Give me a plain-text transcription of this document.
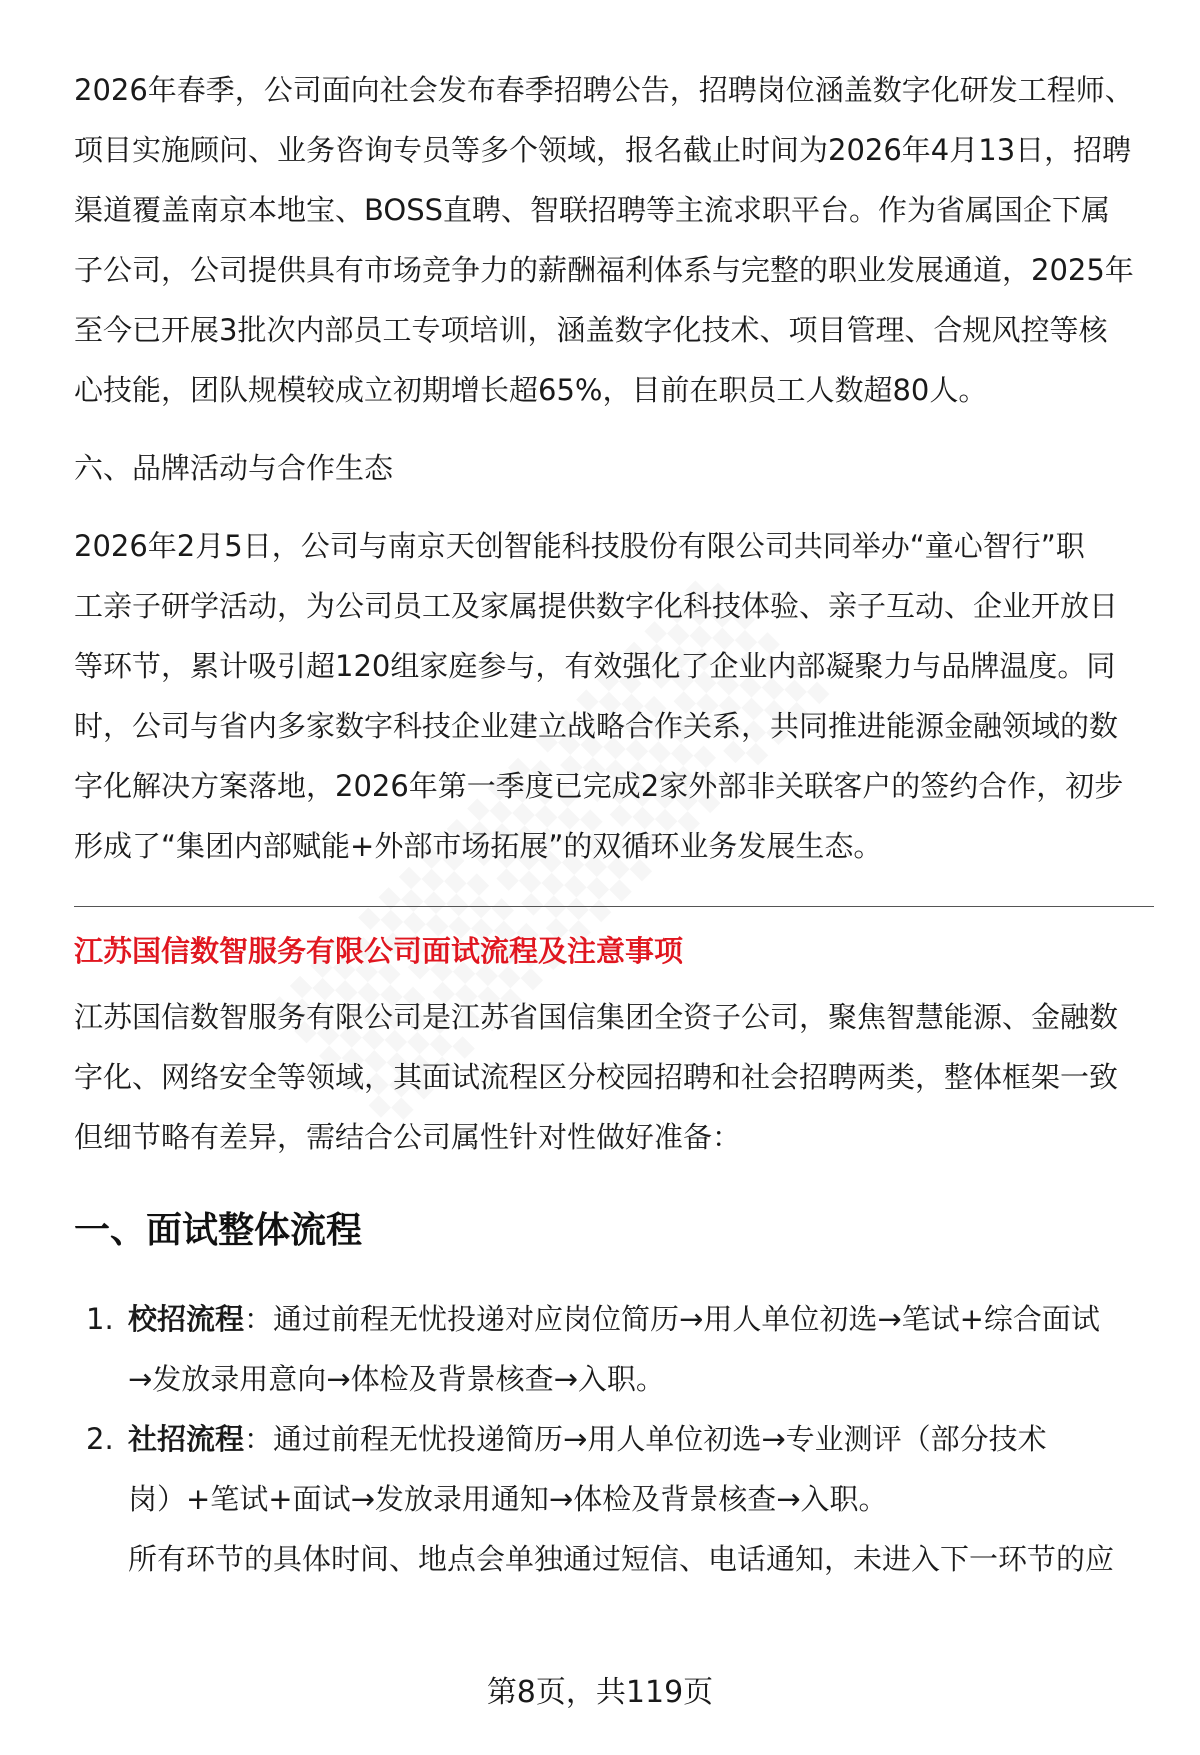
2026年春季，公司面向社会发布春季招聘公告，招聘岗位涵盖数字化研发工程师、

项目实施顾问、业务咨询专员等多个领域，报名截止时间为2026年4月13日，招聘

渠道覆盖南京本地宝、BOSS直聘、智联招聘等主流求职平台。作为省属国企下属

子公司，公司提供具有市场竞争力的薪酬福利体系与完整的职业发展通道，2025年

至今已开展3批次内部员工专项培训，涵盖数字化技术、项目管理、合规风控等核

心技能，团队规模较成立初期增长超65%，目前在职员工人数超80人。

六、品牌活动与合作生态

2026年2月5日，公司与南京天创智能科技股份有限公司共同举办“童心智行”职

工亲子研学活动，为公司员工及家属提供数字化科技体验、亲子互动、企业开放日

等环节，累计吸引超120组家庭参与，有效强化了企业内部凝聚力与品牌温度。同

时，公司与省内多家数字科技企业建立战略合作关系，共同推进能源金融领域的数

字化解决方案落地，2026年第一季度已完成2家外部非关联客户的签约合作，初步

形成了“集团内部赋能+外部市场拓展”的双循环业务发展生态。

江苏国信数智服务有限公司面试流程及注意事项

江苏国信数智服务有限公司是江苏省国信集团全资子公司，聚焦智慧能源、金融数

字化、网络安全等领域，其面试流程区分校园招聘和社会招聘两类，整体框架一致

但细节略有差异，需结合公司属性针对性做好准备：

一、面试整体流程

1. 校招流程：通过前程无忧投递对应岗位简历→用人单位初选→笔试+综合面试
→发放录用意向→体检及背景核查→入职。
2. 社招流程：通过前程无忧投递简历→用人单位初选→专业测评（部分技术
岗）+笔试+面试→发放录用通知→体检及背景核查→入职。
所有环节的具体时间、地点会单独通过短信、电话通知，未进入下一环节的应
第8页，共119页
